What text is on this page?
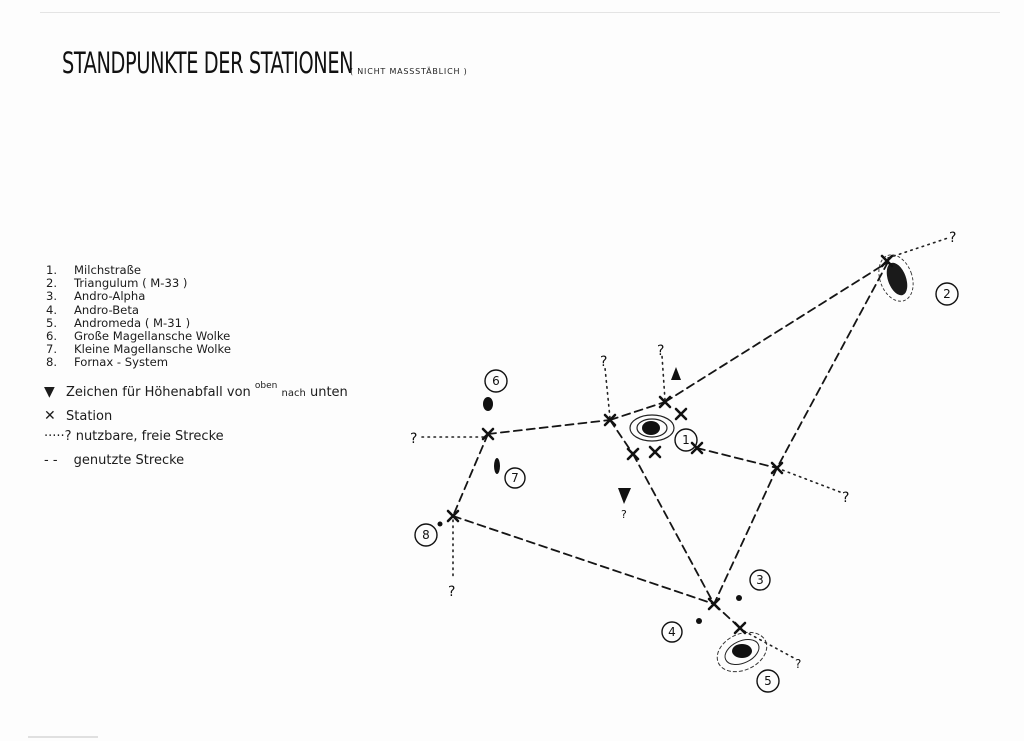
STANDPUNKTE DER STATIONEN
( NICHT MASSSTÄBLICH )
1. Milchstraße
2. Triangulum ( M-33 )
3. Andro-Alpha
4. Andro-Beta
5. Andromeda ( M-31 )
6. Große Magellansche Wolke
7. Kleine Magellansche Wolke
8. Fornax - System
▼ Zeichen für Höhenabfall von $^{oben}$ nach unten
✕ Station
·····? nutzbare, freie Strecke
- - genutzte Strecke
?
?
?
?
?
?
?
?
1
2
3
4
5
6
7
8
